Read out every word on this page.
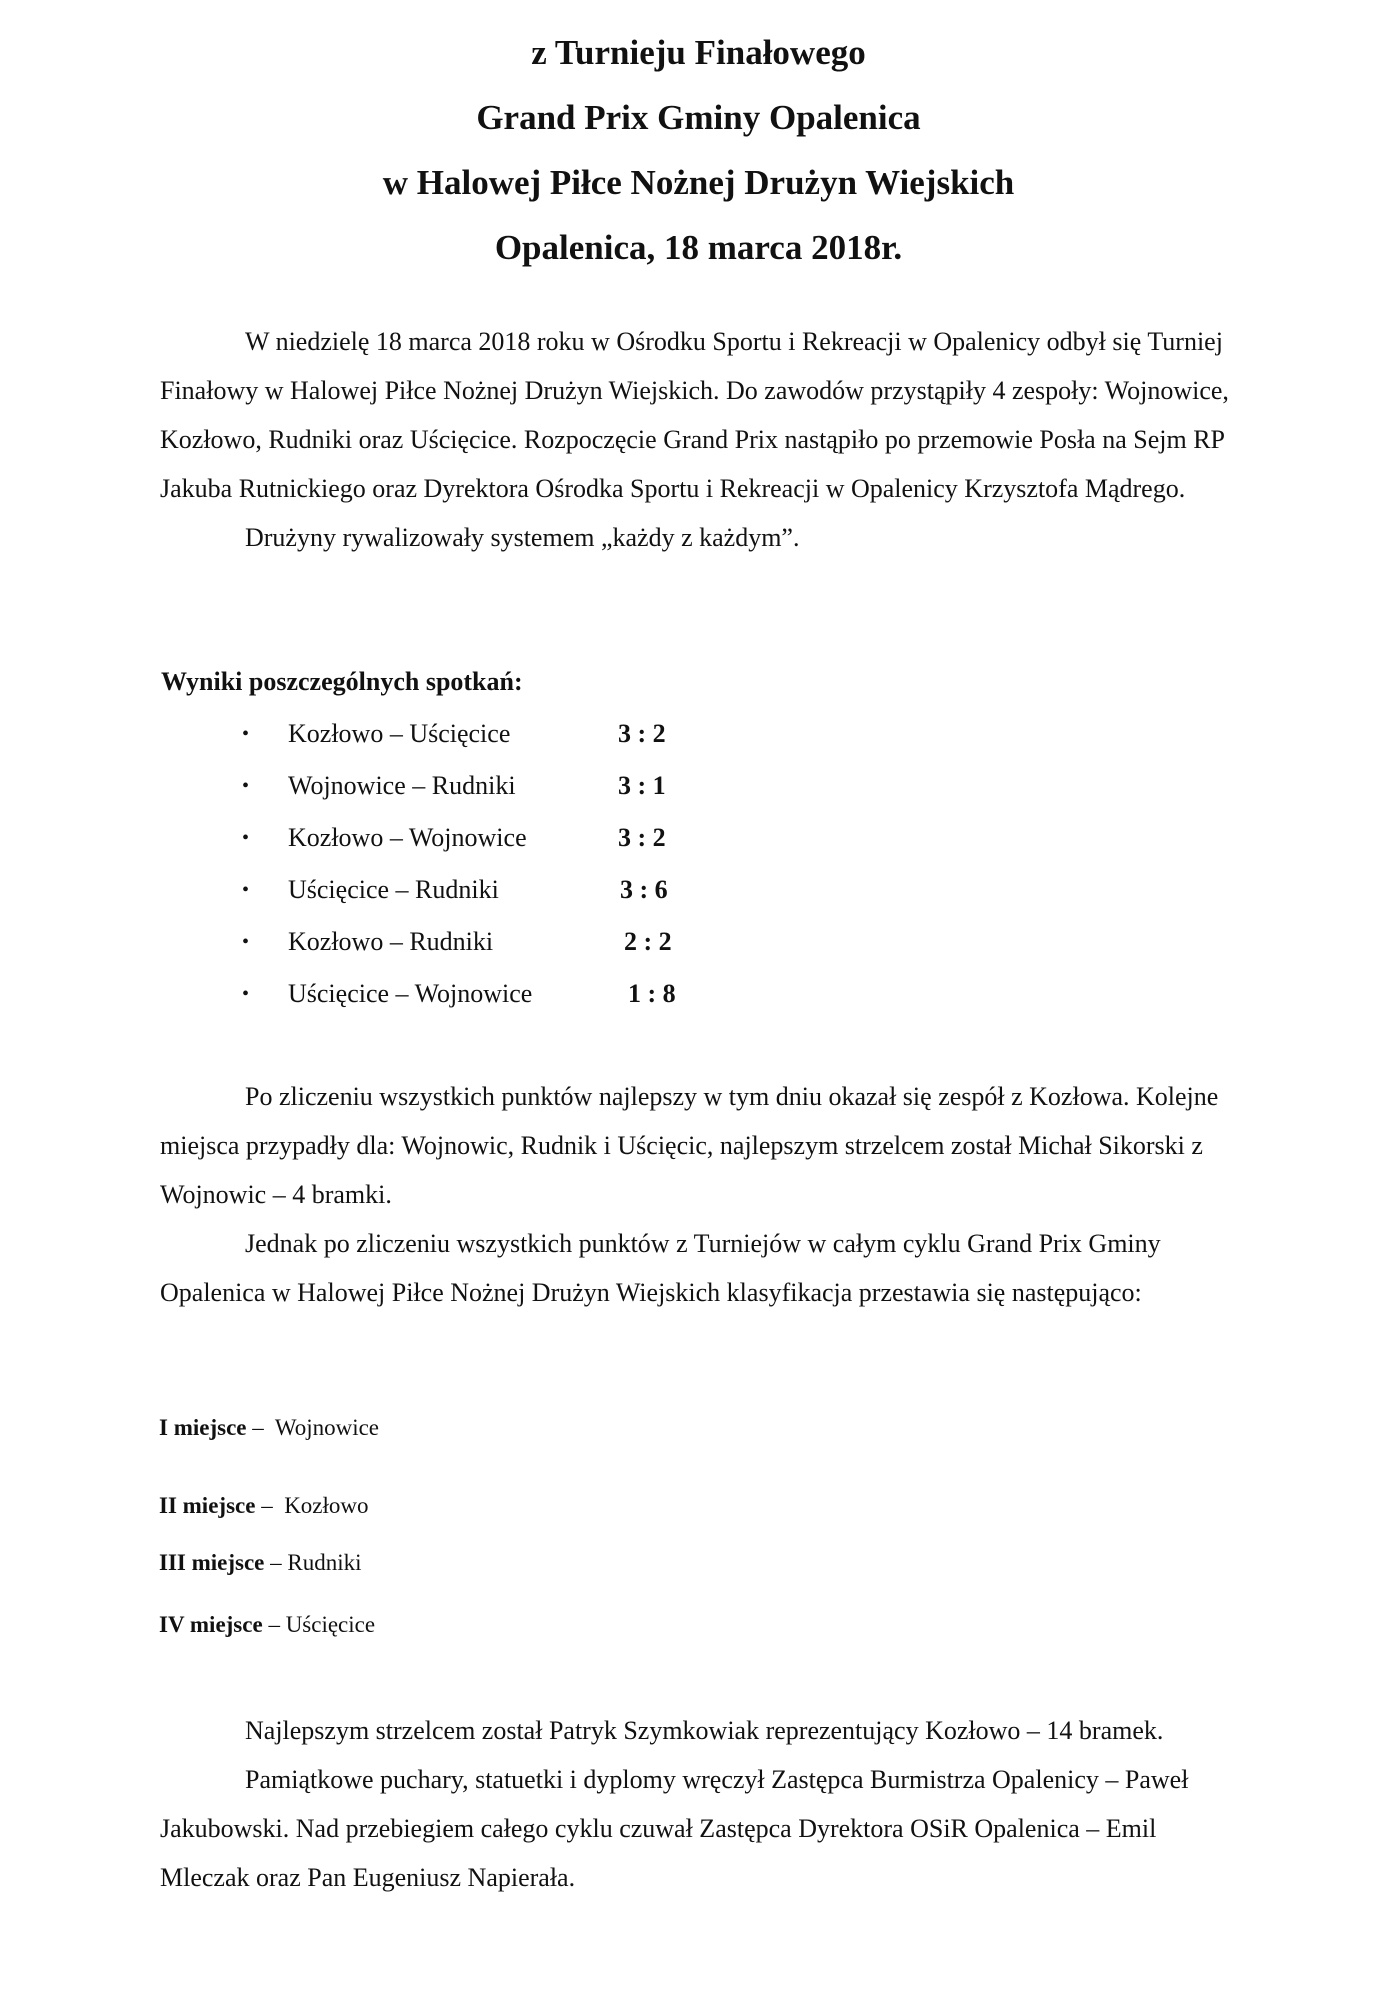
z Turnieju Finałowego
Grand Prix Gminy Opalenica
w Halowej Piłce Nożnej Drużyn Wiejskich
Opalenica, 18 marca 2018r.

W niedzielę 18 marca 2018 roku w Ośrodku Sportu i Rekreacji w Opalenicy odbył się Turniej Finałowy w Halowej Piłce Nożnej Drużyn Wiejskich. Do zawodów przystąpiły 4 zespoły: Wojnowice, Kozłowo, Rudniki oraz Uścięcice. Rozpoczęcie Grand Prix nastąpiło po przemowie Posła na Sejm RP Jakuba Rutnickiego oraz Dyrektora Ośrodka Sportu i Rekreacji w Opalenicy Krzysztofa Mądrego.

Drużyny rywalizowały systemem „każdy z każdym”.

Wyniki poszczególnych spotkań:
• Kozłowo – Uścięcice	3 : 2
• Wojnowice – Rudniki	3 : 1
• Kozłowo – Wojnowice	3 : 2
• Uścięcice – Rudniki	3 : 6
• Kozłowo – Rudniki	2 : 2
• Uścięcice – Wojnowice	1 : 8

Po zliczeniu wszystkich punktów najlepszy w tym dniu okazał się zespół z Kozłowa. Kolejne miejsca przypadły dla: Wojnowic, Rudnik i Uścięcic, najlepszym strzelcem został Michał Sikorski z Wojnowic – 4 bramki.

Jednak po zliczeniu wszystkich punktów z Turniejów w całym cyklu Grand Prix Gminy Opalenica w Halowej Piłce Nożnej Drużyn Wiejskich klasyfikacja przestawia się następująco:

I miejsce –  Wojnowice
II miejsce –  Kozłowo
III miejsce – Rudniki
IV miejsce – Uścięcice

Najlepszym strzelcem został Patryk Szymkowiak reprezentujący Kozłowo – 14 bramek.

Pamiątkowe puchary, statuetki i dyplomy wręczył Zastępca Burmistrza Opalenicy – Paweł Jakubowski. Nad przebiegiem całego cyklu czuwał Zastępca Dyrektora OSiR Opalenica – Emil Mleczak oraz Pan Eugeniusz Napierała.
